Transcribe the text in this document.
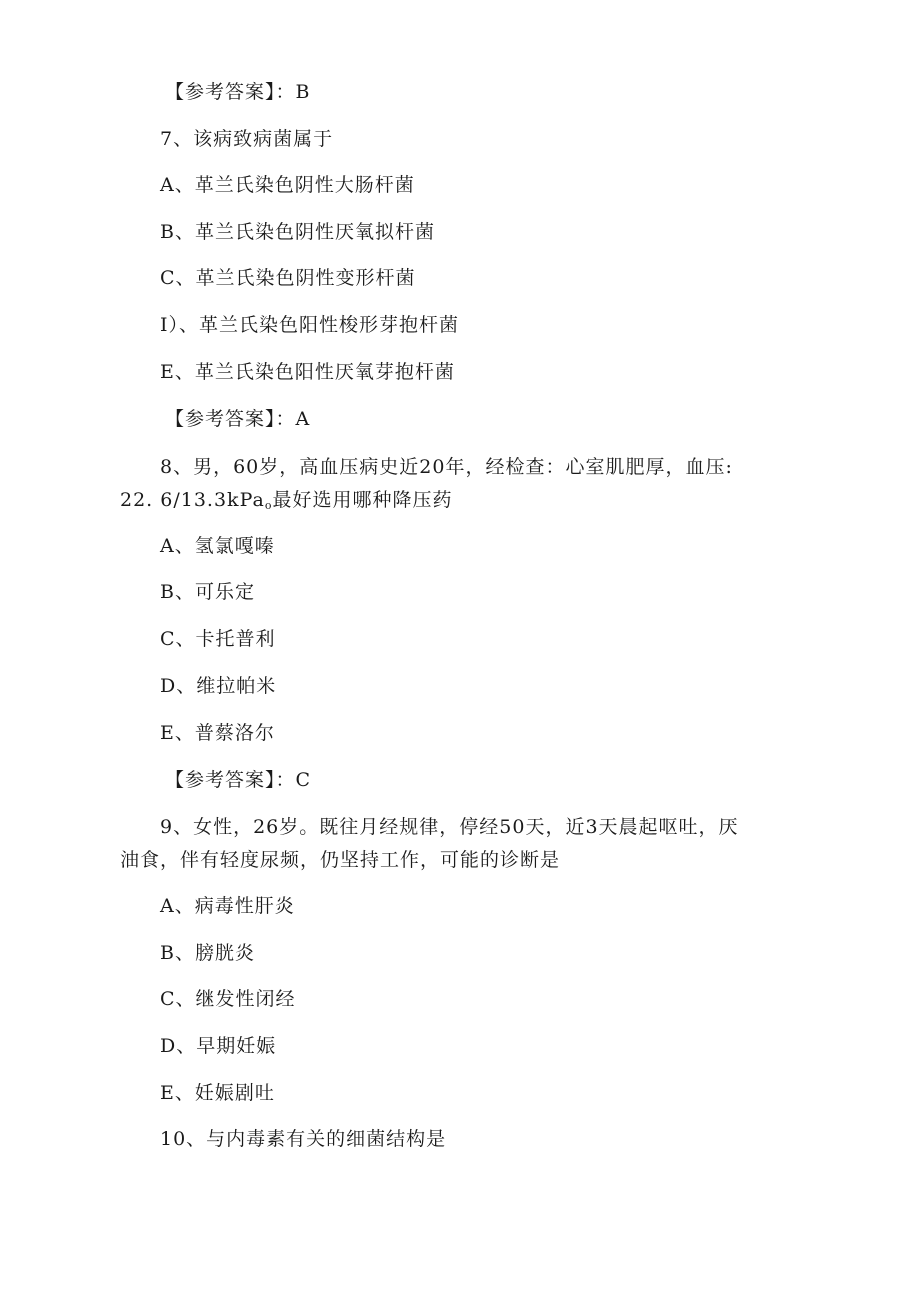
【参考答案】：B
7、该病致病菌属于
A、革兰氏染色阴性大肠杆菌
B、革兰氏染色阴性厌氧拟杆菌
C、革兰氏染色阴性变形杆菌
I）、革兰氏染色阳性梭形芽抱杆菌
E、革兰氏染色阳性厌氧芽抱杆菌
【参考答案】：A
8、男，60岁，高血压病史近20年，经检查：心室肌肥厚，血压:
22. 6/13.3kPa$_o$最好选用哪种降压药
A、氢氯嘎嗪
B、可乐定
C、卡托普利
D、维拉帕米
E、普蔡洛尔
【参考答案】：C
9、女性，26岁。既往月经规律，停经50天，近3天晨起呕吐，厌
油食，伴有轻度尿频，仍坚持工作，可能的诊断是
A、病毒性肝炎
B、膀胱炎
C、继发性闭经
D、早期妊娠
E、妊娠剧吐
10、与内毒素有关的细菌结构是
